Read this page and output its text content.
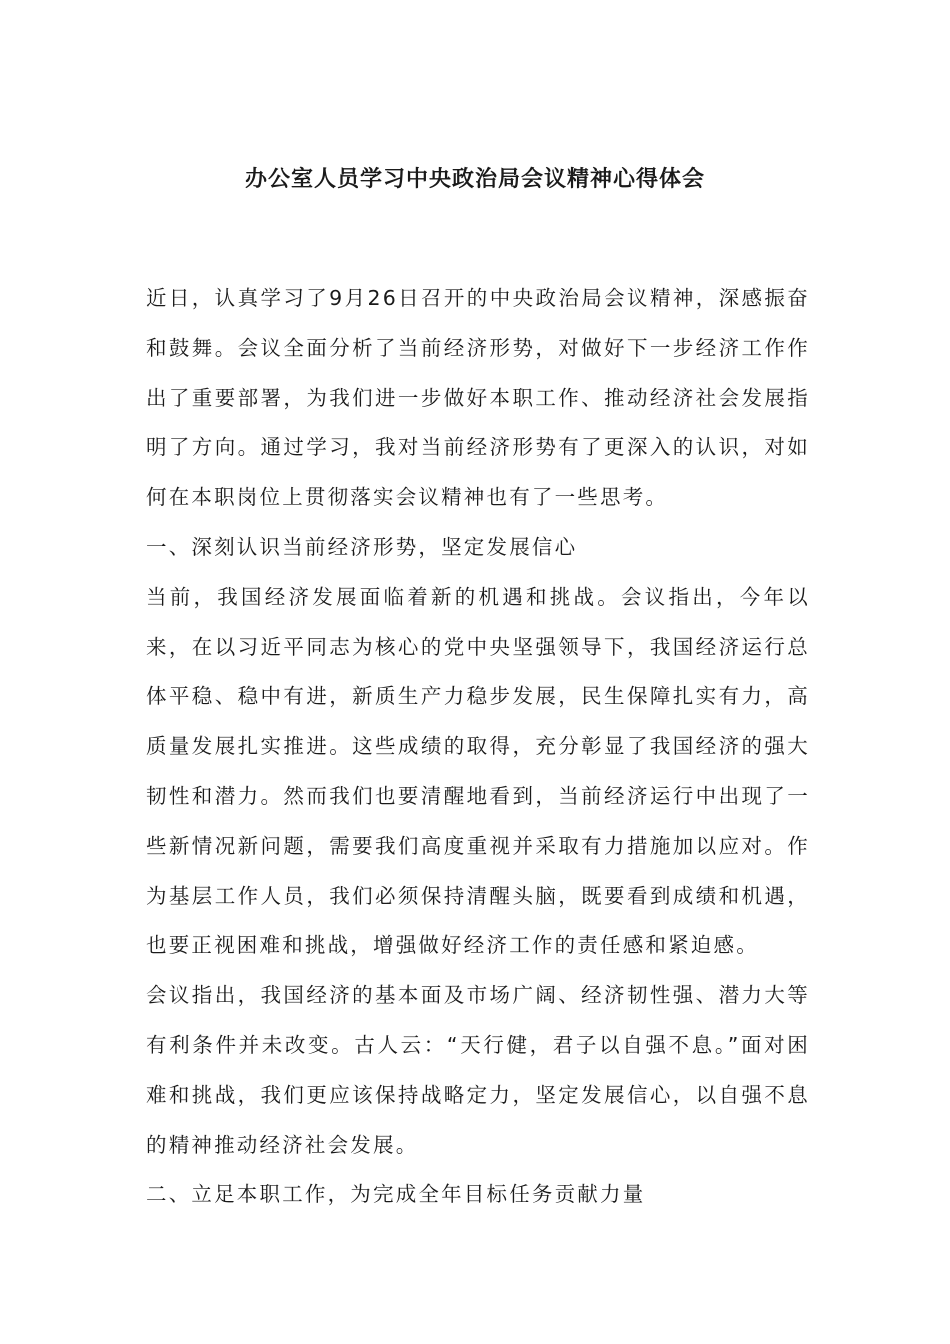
办公室人员学习中央政治局会议精神心得体会

近日，认真学习了9月26日召开的中央政治局会议精神，深感振奋和鼓舞。会议全面分析了当前经济形势，对做好下一步经济工作作出了重要部署，为我们进一步做好本职工作、推动经济社会发展指明了方向。通过学习，我对当前经济形势有了更深入的认识，对如何在本职岗位上贯彻落实会议精神也有了一些思考。

一、深刻认识当前经济形势，坚定发展信心

当前，我国经济发展面临着新的机遇和挑战。会议指出，今年以来，在以习近平同志为核心的党中央坚强领导下，我国经济运行总体平稳、稳中有进，新质生产力稳步发展，民生保障扎实有力，高质量发展扎实推进。这些成绩的取得，充分彰显了我国经济的强大韧性和潜力。然而我们也要清醒地看到，当前经济运行中出现了一些新情况新问题，需要我们高度重视并采取有力措施加以应对。作为基层工作人员，我们必须保持清醒头脑，既要看到成绩和机遇，也要正视困难和挑战，增强做好经济工作的责任感和紧迫感。

会议指出，我国经济的基本面及市场广阔、经济韧性强、潜力大等有利条件并未改变。古人云：“天行健，君子以自强不息。”面对困难和挑战，我们更应该保持战略定力，坚定发展信心，以自强不息的精神推动经济社会发展。

二、立足本职工作，为完成全年目标任务贡献力量
